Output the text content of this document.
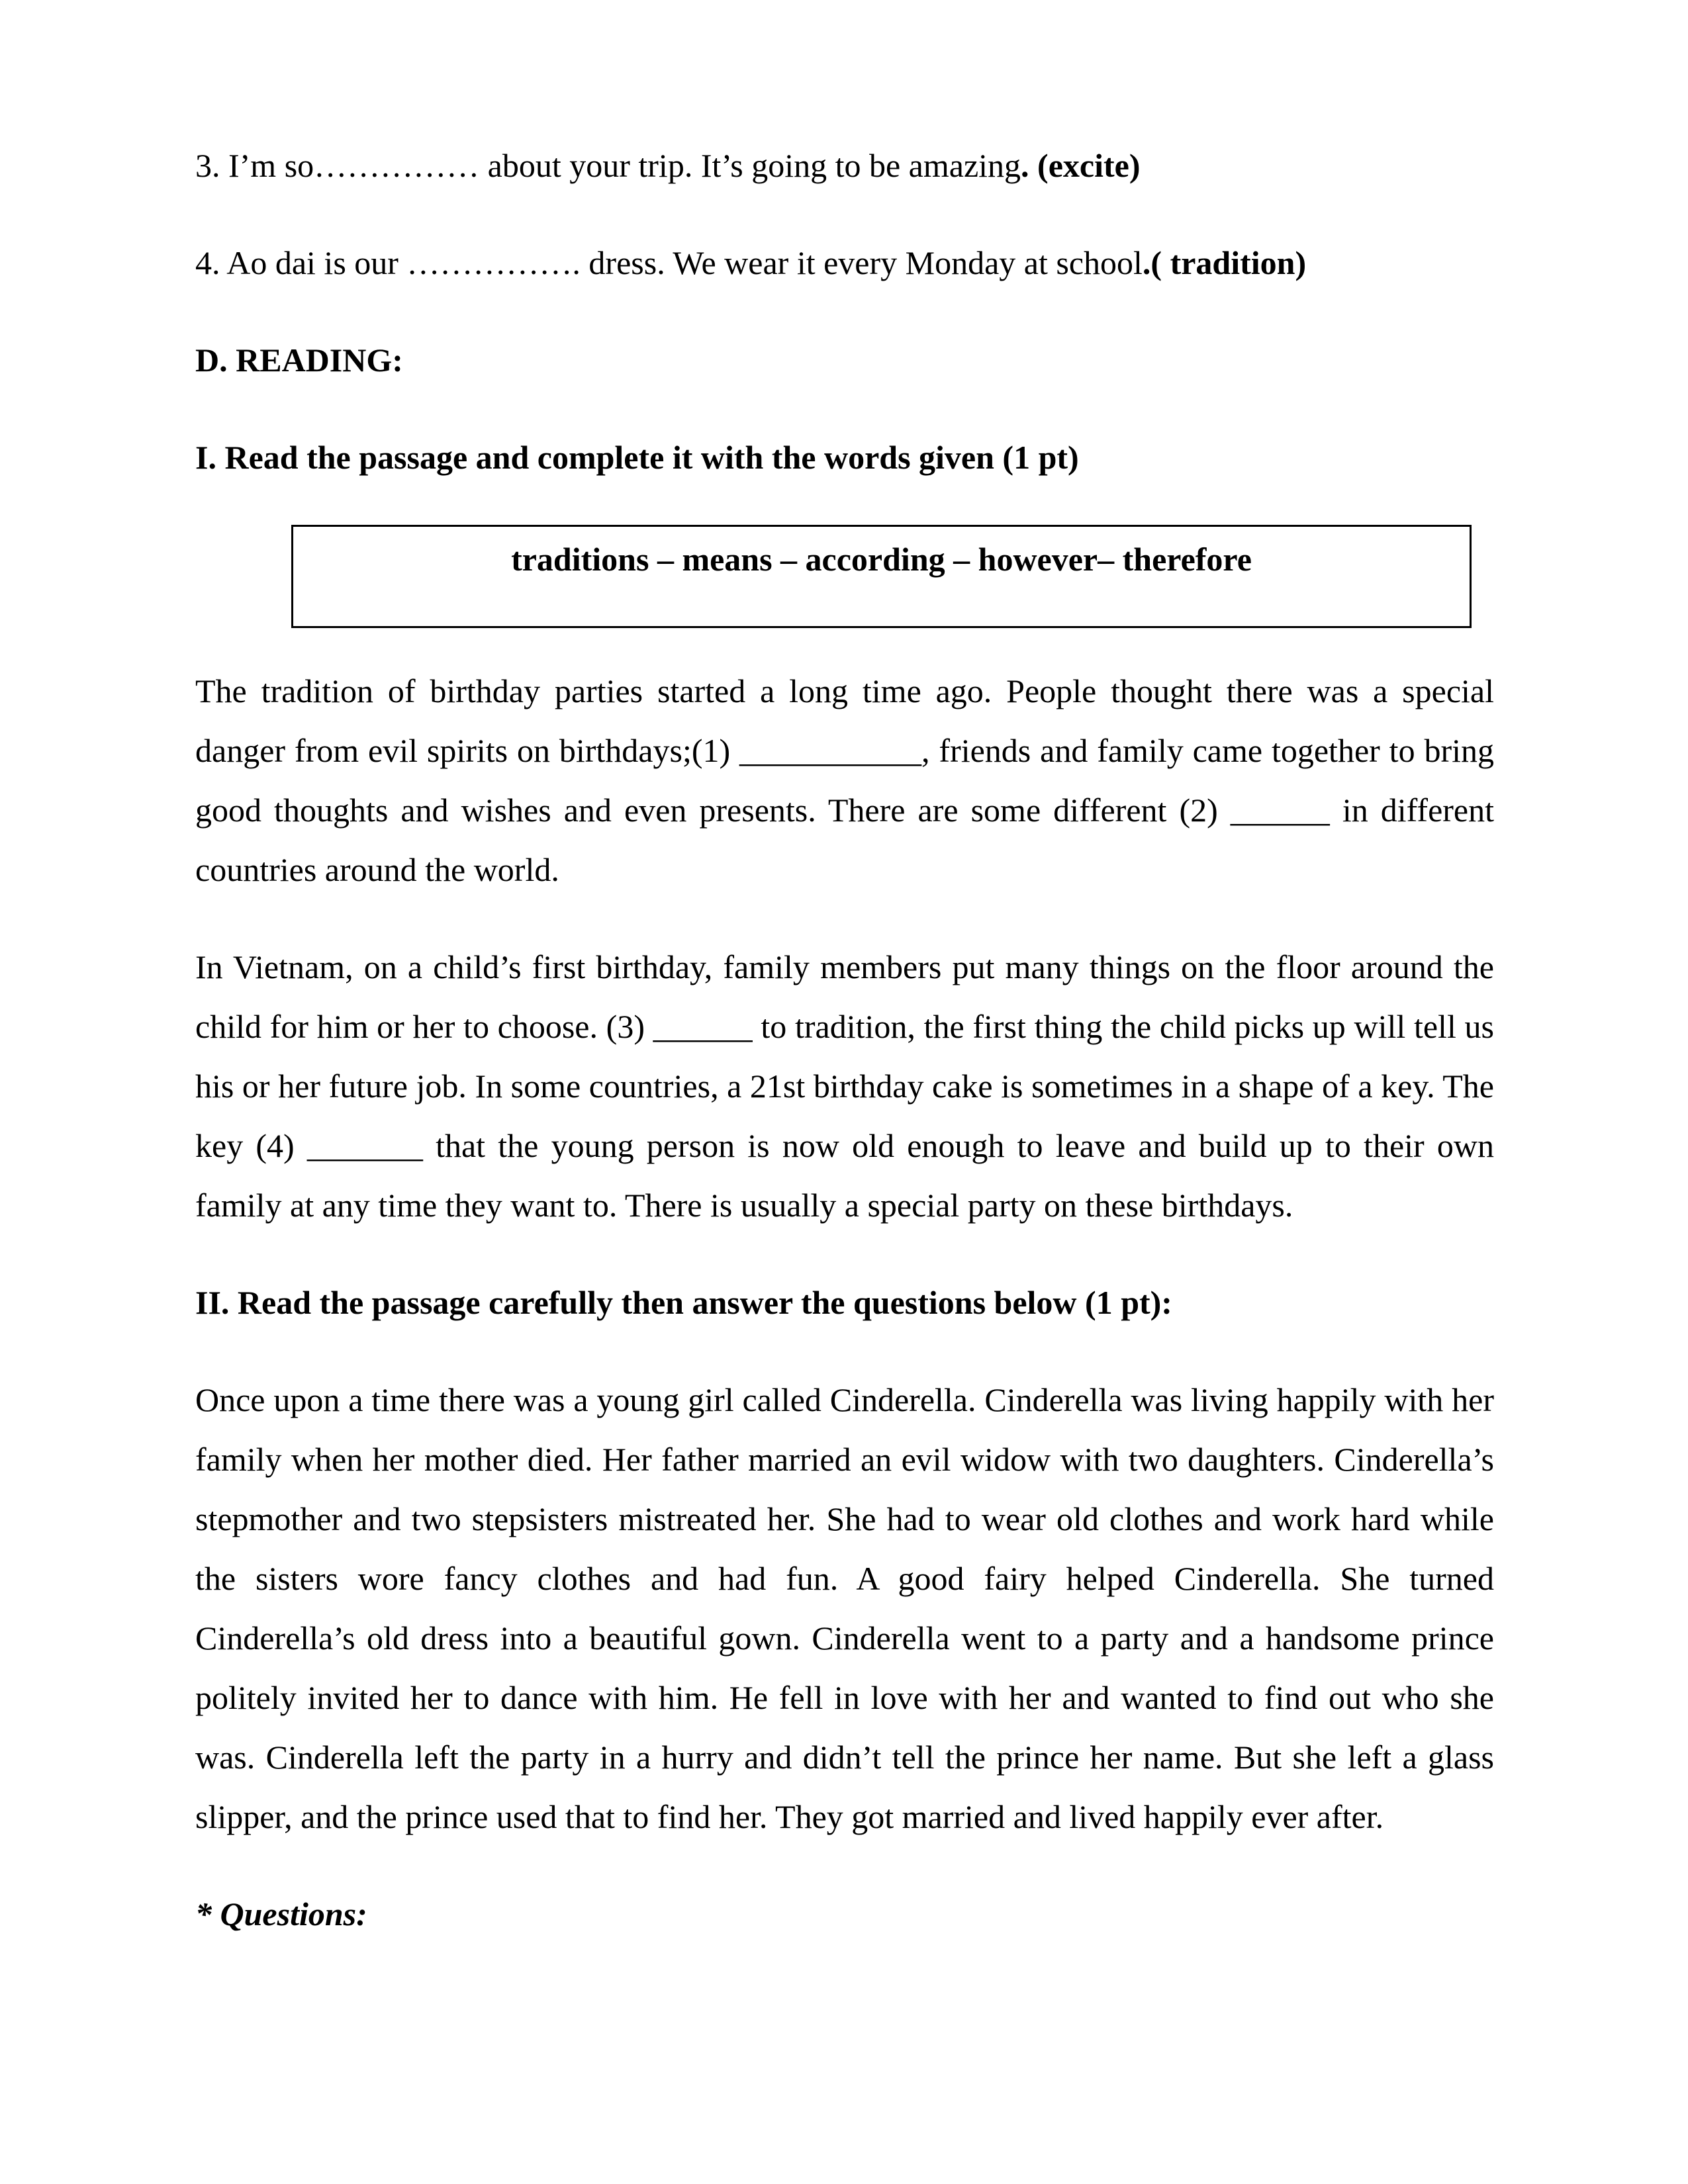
3. I’m so…………… about your trip. It’s going to be amazing. (excite)

4. Ao dai is our ……………. dress. We wear it every Monday at school.( tradition)

D. READING:
I. Read the passage and complete it with the words given (1 pt)
traditions – means – according – however– therefore

The tradition of birthday parties started a long time ago. People thought there was a special danger from evil spirits on birthdays;(1) ___________, friends and family came together to bring good thoughts and wishes and even presents. There are some different (2) ______ in different countries around the world.

In Vietnam, on a child’s first birthday, family members put many things on the floor around the child for him or her to choose. (3) ______ to tradition, the first thing the child picks up will tell us his or her future job. In some countries, a 21st birthday cake is sometimes in a shape of a key. The key (4) _______ that the young person is now old enough to leave and build up to their own family at any time they want to. There is usually a special party on these birthdays.

II. Read the passage carefully then answer the questions below (1 pt):

Once upon a time there was a young girl called Cinderella. Cinderella was living happily with her family when her mother died. Her father married an evil widow with two daughters. Cinderella’s stepmother and two stepsisters mistreated her. She had to wear old clothes and work hard while the sisters wore fancy clothes and had fun. A good fairy helped Cinderella. She turned Cinderella’s old dress into a beautiful gown. Cinderella went to a party and a handsome prince politely invited her to dance with him. He fell in love with her and wanted to find out who she was. Cinderella left the party in a hurry and didn’t tell the prince her name. But she left a glass slipper, and the prince used that to find her. They got married and lived happily ever after.

* Questions:
